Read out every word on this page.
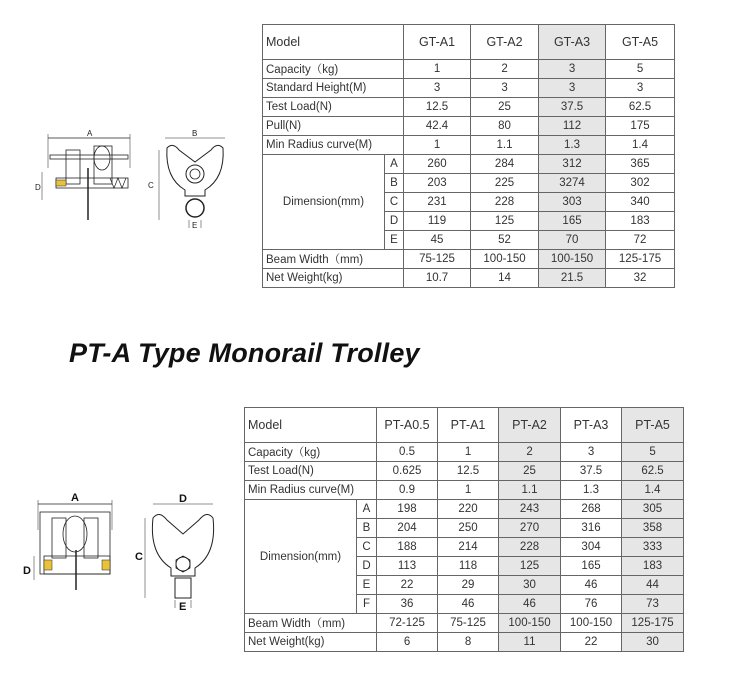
A
D
B
C
E
Model		GT-A1	GT-A2	GT-A3	GT-A5
Capacity（kg)		1	2	3	5
Standard Height(M)		3	3	3	3
Test Load(N)		12.5	25	37.5	62.5
Pull(N)		42.4	80	112	175
Min Radius curve(M)		1	1.1	1.3	1.4
Dimension(mm)	A	260	284	312	365
	B	203	225	3274	302
	C	231	228	303	340
	D	119	125	165	183
	E	45	52	70	72
Beam Width（mm)		75-125	100-150	100-150	125-175
Net Weight(kg)		10.7	14	21.5	32
PT-A Type Monorail Trolley
A
D
D
C
E
Model		PT-A0.5	PT-A1	PT-A2	PT-A3	PT-A5
Capacity（kg)		0.5	1	2	3	5
Test Load(N)		0.625	12.5	25	37.5	62.5
Min Radius curve(M)		0.9	1	1.1	1.3	1.4
Dimension(mm)	A	198	220	243	268	305
	B	204	250	270	316	358
	C	188	214	228	304	333
	D	113	118	125	165	183
	E	22	29	30	46	44
	F	36	46	46	76	73
Beam Width（mm)		72-125	75-125	100-150	100-150	125-175
Net Weight(kg)		6	8	11	22	30
